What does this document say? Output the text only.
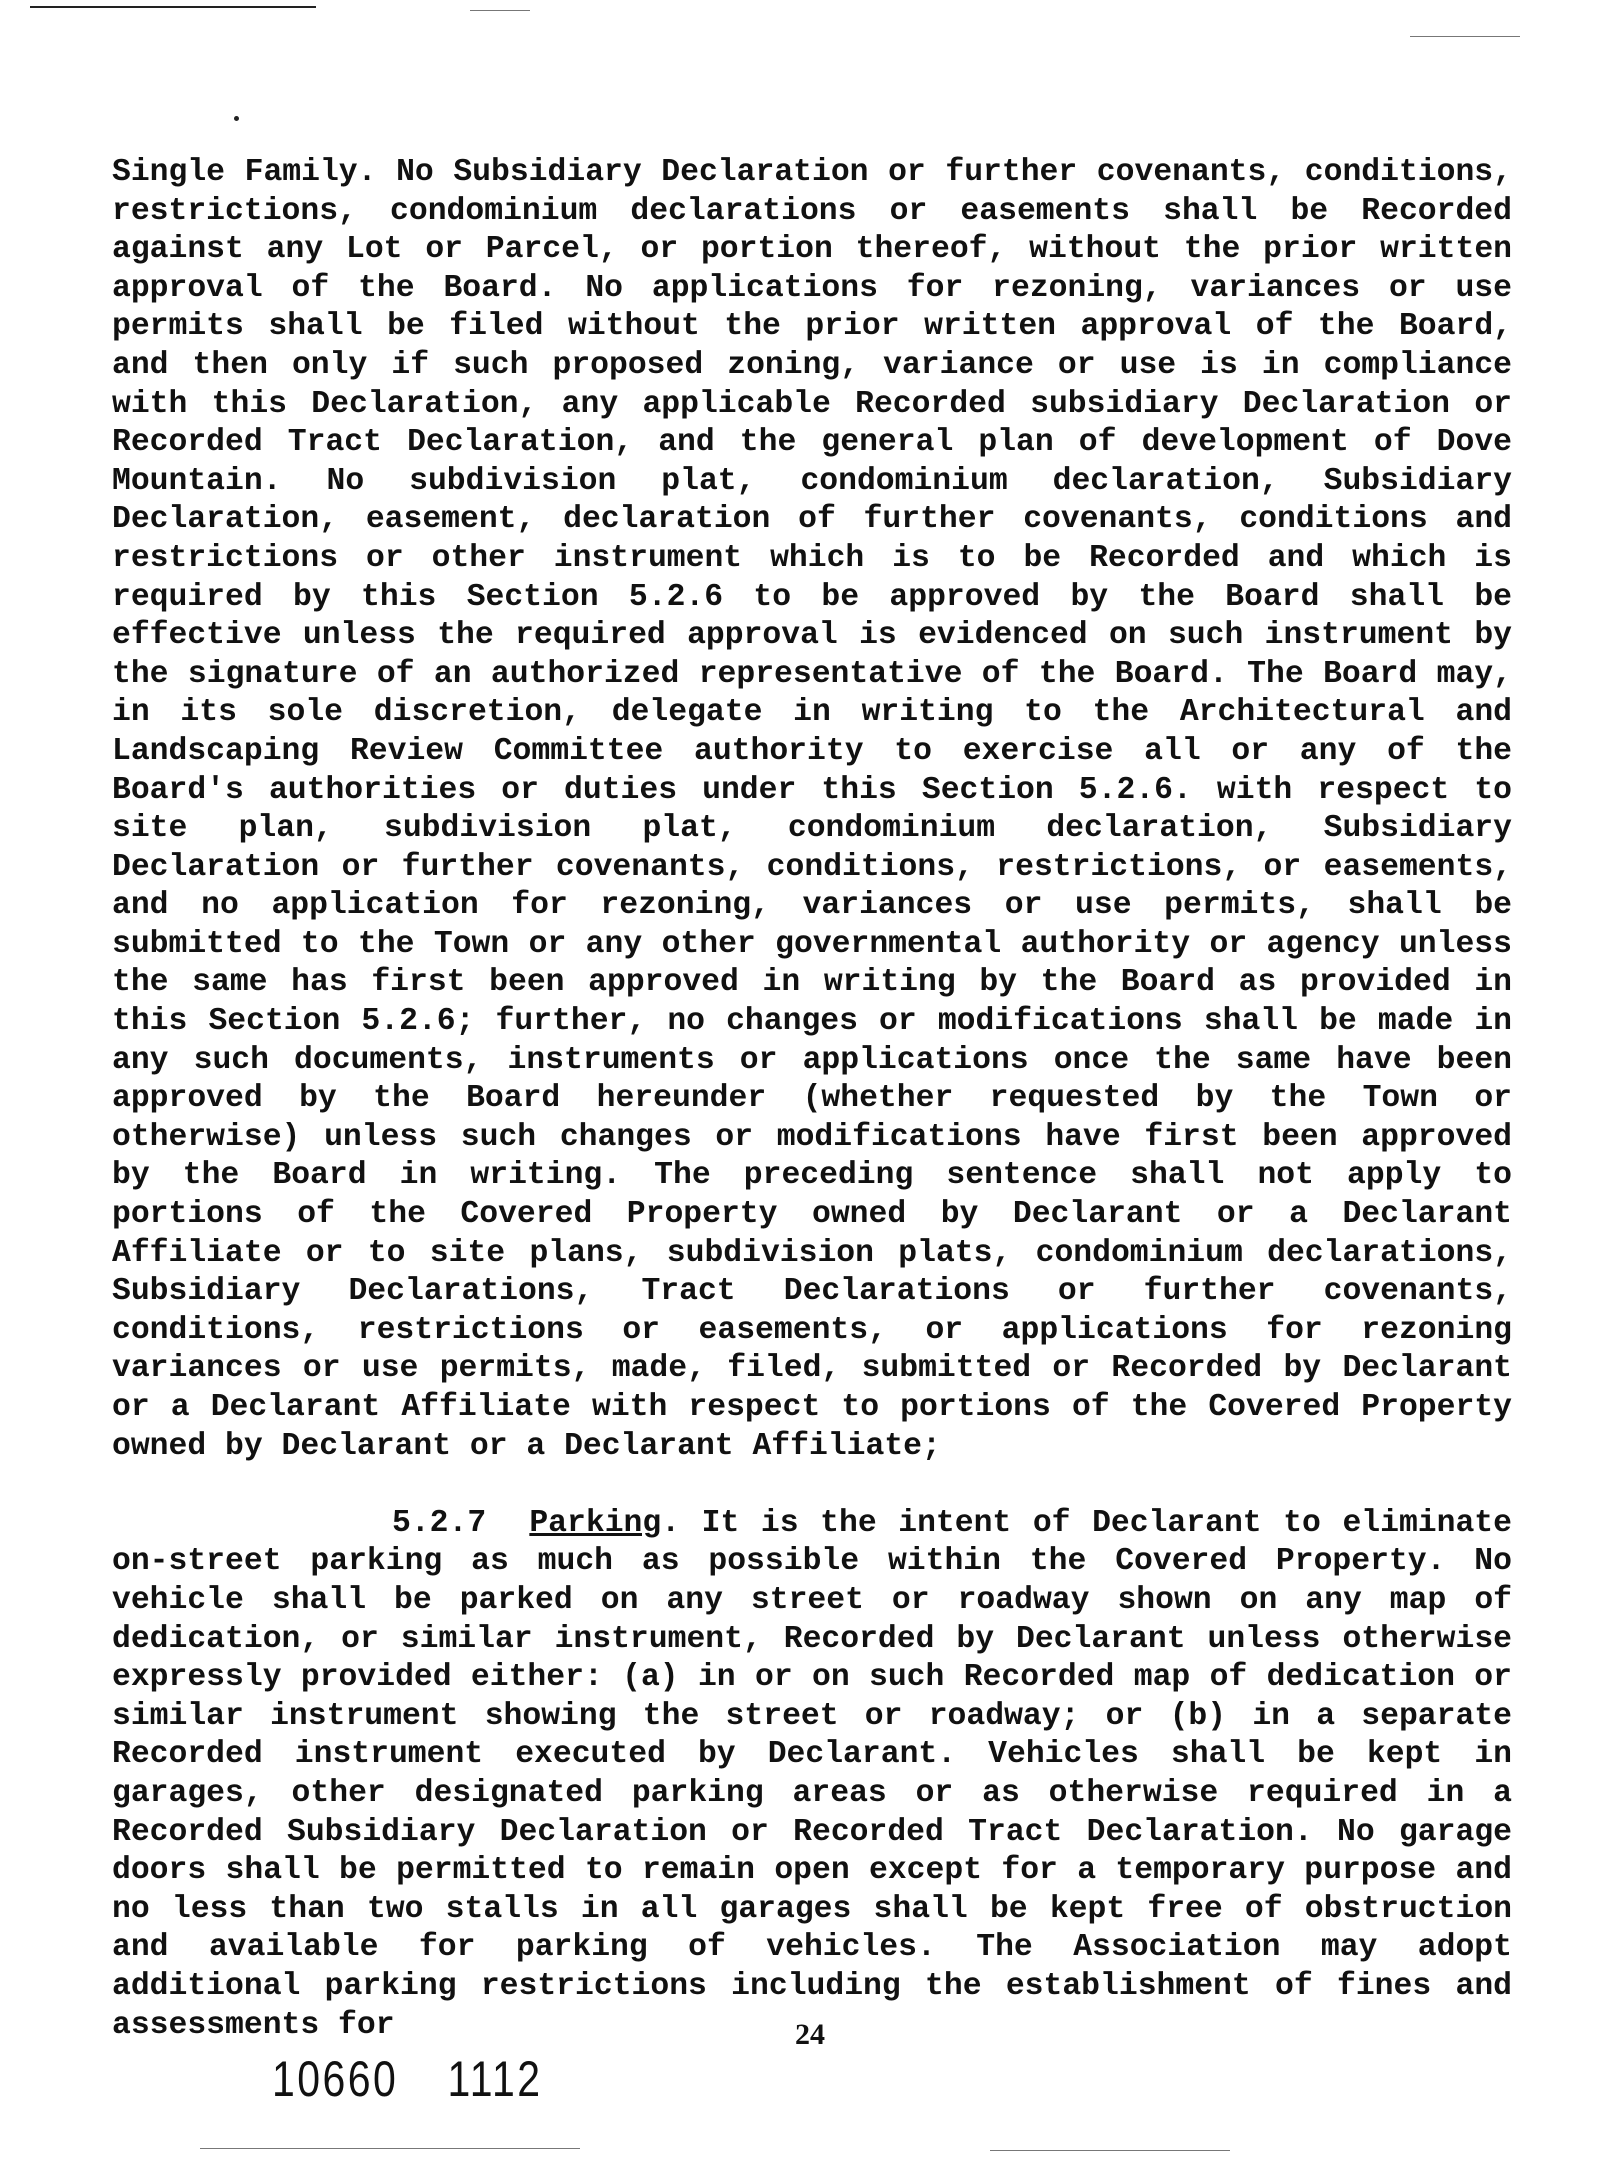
Single Family. No Subsidiary Declaration or further covenants, conditions, restrictions, condominium declarations or easements shall be Recorded against any Lot or Parcel, or portion thereof, without the prior written approval of the Board. No applications for rezoning, variances or use permits shall be filed without the prior written approval of the Board, and then only if such proposed zoning, variance or use is in compliance with this Declaration, any applicable Recorded subsidiary Declaration or Recorded Tract Declaration, and the general plan of development of Dove Mountain. No subdivision plat, condominium declaration, Subsidiary Declaration, easement, declaration of further covenants, conditions and restrictions or other instrument which is to be Recorded and which is required by this Section 5.2.6 to be approved by the Board shall be effective unless the required approval is evidenced on such instrument by the signature of an authorized representative of the Board. The Board may, in its sole discretion, delegate in writing to the Architectural and Landscaping Review Committee authority to exercise all or any of the Board's authorities or duties under this Section 5.2.6. with respect to site plan, subdivision plat, condominium declaration, Subsidiary Declaration or further covenants, conditions, restrictions, or easements, and no application for rezoning, variances or use permits, shall be submitted to the Town or any other governmental authority or agency unless the same has first been approved in writing by the Board as provided in this Section 5.2.6; further, no changes or modifications shall be made in any such documents, instruments or applications once the same have been approved by the Board hereunder (whether requested by the Town or otherwise) unless such changes or modifications have first been approved by the Board in writing. The preceding sentence shall not apply to portions of the Covered Property owned by Declarant or a Declarant Affiliate or to site plans, subdivision plats, condominium declarations, Subsidiary Declarations, Tract Declarations or further covenants, conditions, restrictions or easements, or applications for rezoning variances or use permits, made, filed, submitted or Recorded by Declarant or a Declarant Affiliate with respect to portions of the Covered Property owned by Declarant or a Declarant Affiliate;

5.2.7 Parking. It is the intent of Declarant to eliminate on-street parking as much as possible within the Covered Property. No vehicle shall be parked on any street or roadway shown on any map of dedication, or similar instrument, Recorded by Declarant unless otherwise expressly provided either: (a) in or on such Recorded map of dedication or similar instrument showing the street or roadway; or (b) in a separate Recorded instrument executed by Declarant. Vehicles shall be kept in garages, other designated parking areas or as otherwise required in a Recorded Subsidiary Declaration or Recorded Tract Declaration. No garage doors shall be permitted to remain open except for a temporary purpose and no less than two stalls in all garages shall be kept free of obstruction and available for parking of vehicles. The Association may adopt additional parking restrictions including the establishment of fines and assessments for	24
10660 1112
